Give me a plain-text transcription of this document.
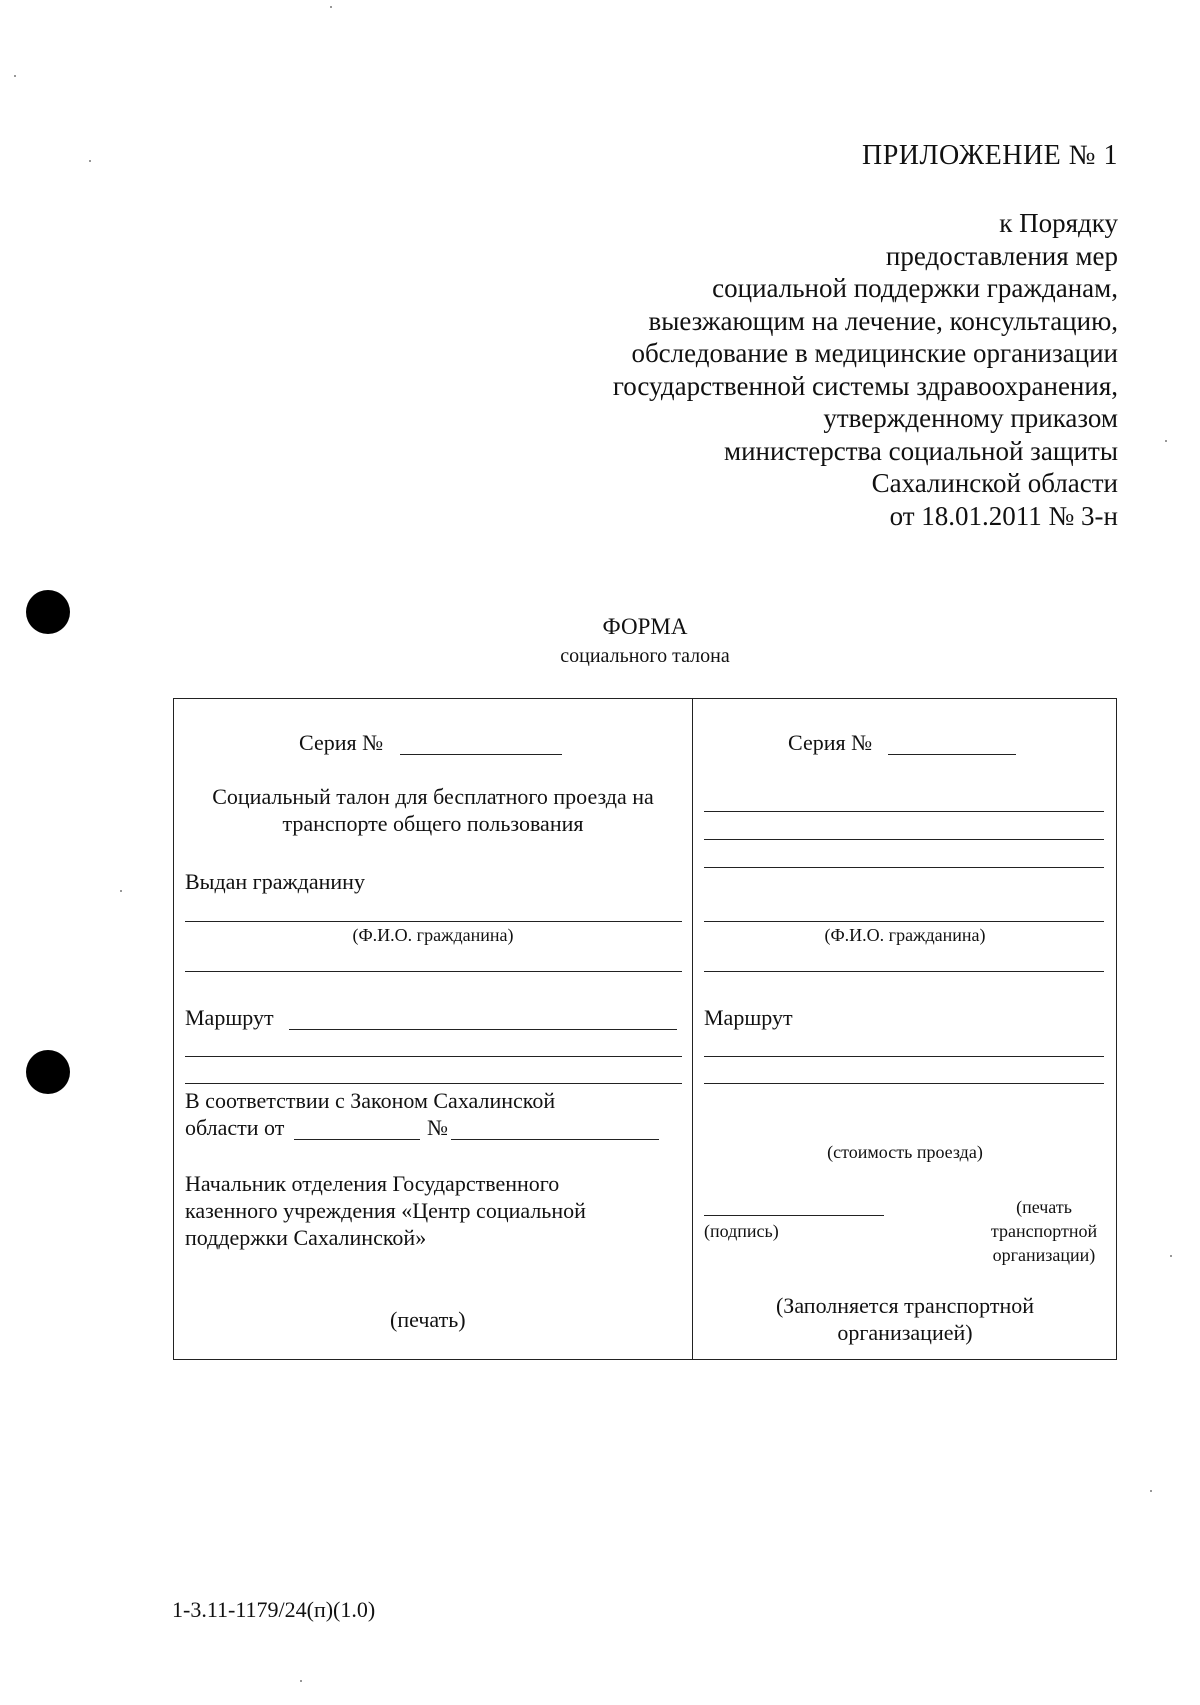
ПРИЛОЖЕНИЕ № 1
к Порядку
предоставления мер
социальной поддержки гражданам,
выезжающим на лечение, консультацию,
обследование в медицинские организации
государственной системы здравоохранения,
утвержденному приказом
министерства социальной защиты
Сахалинской области
от 18.01.2011 № 3-н
ФОРМА
социального талона
Серия №
Социальный талон для бесплатного проезда на
транспорте общего пользования
Выдан гражданину
(Ф.И.О. гражданина)
Маршрут
В соответствии с Законом Сахалинской
области от	№
Начальник отделения Государственного
казенного учреждения «Центр социальной
поддержки Сахалинской»
(печать)
Серия №
(Ф.И.О. гражданина)
Маршрут
(стоимость проезда)
(подпись)
(печать
транспортной
организации)
(Заполняется транспортной
организацией)
1-3.11-1179/24(п)(1.0)
